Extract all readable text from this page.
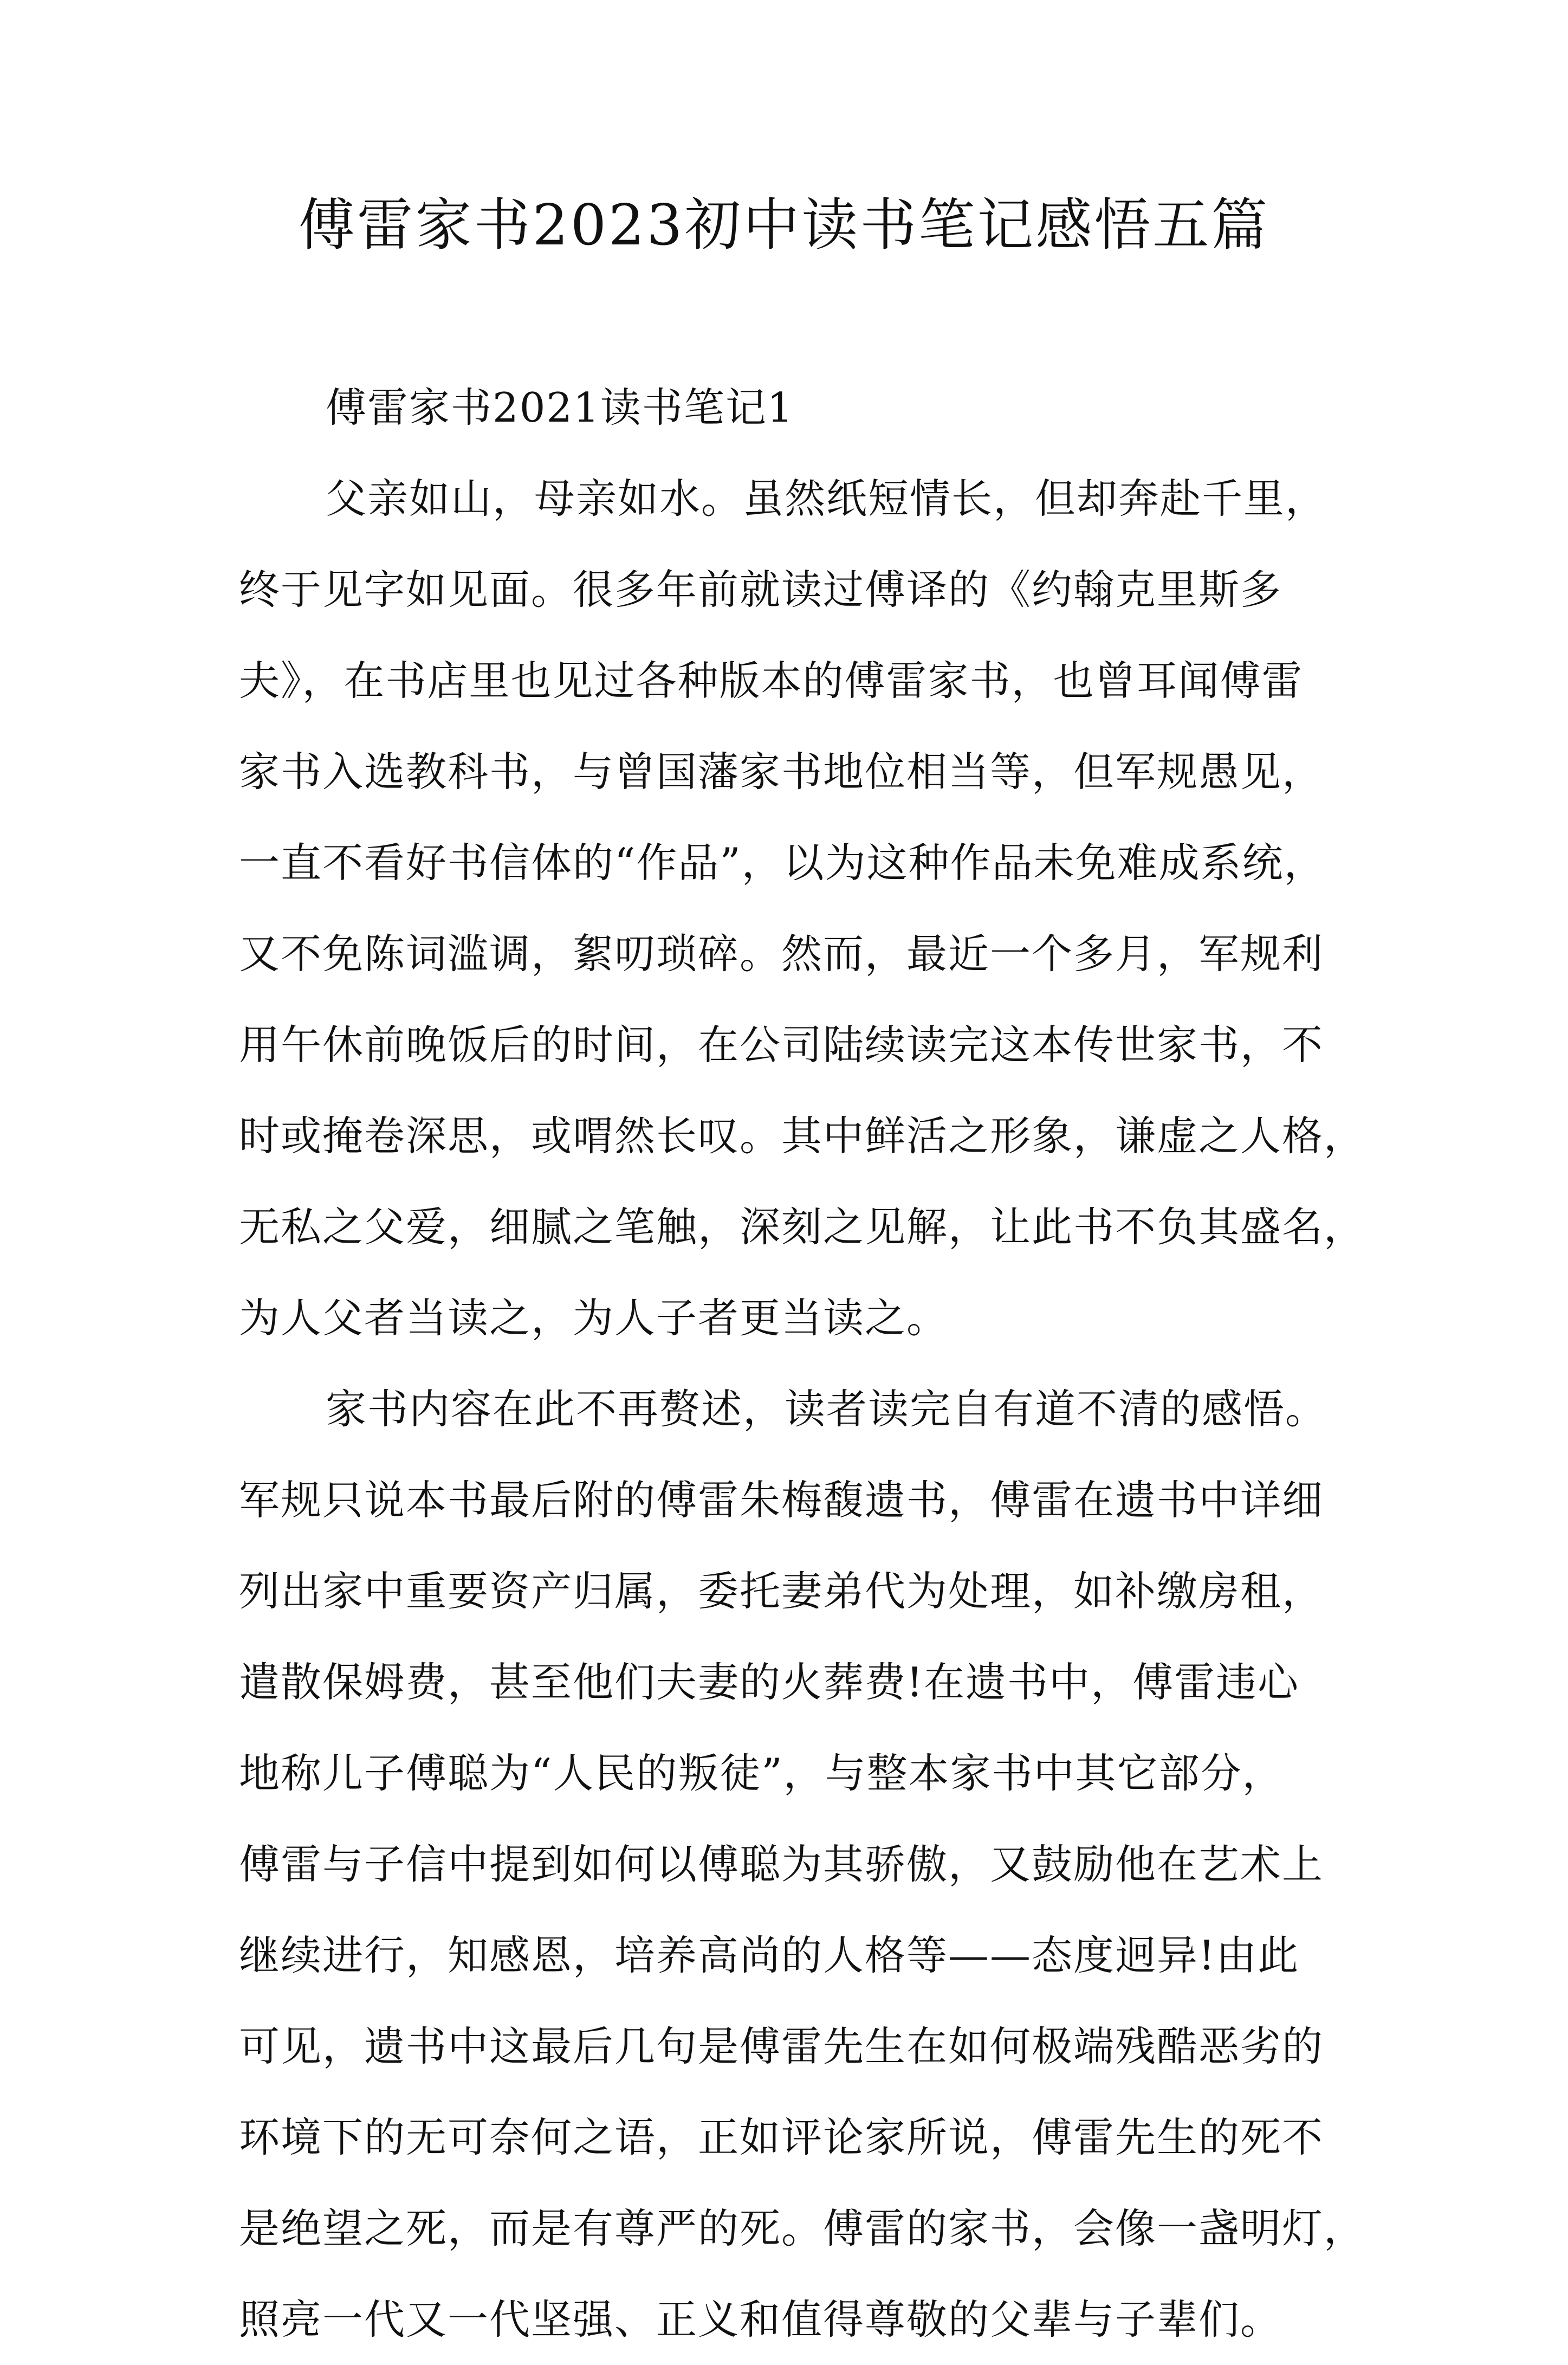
傅雷家书2023初中读书笔记感悟五篇

傅雷家书2021读书笔记1

父亲如山，母亲如水。虽然纸短情长，但却奔赴千里，
终于见字如见面。很多年前就读过傅译的《约翰克里斯多
夫》，在书店里也见过各种版本的傅雷家书，也曾耳闻傅雷
家书入选教科书，与曾国藩家书地位相当等，但军规愚见，
一直不看好书信体的“作品”，以为这种作品未免难成系统，
又不免陈词滥调，絮叨琐碎。然而，最近一个多月，军规利
用午休前晚饭后的时间，在公司陆续读完这本传世家书，不
时或掩卷深思，或喟然长叹。其中鲜活之形象，谦虚之人格，
无私之父爱，细腻之笔触，深刻之见解，让此书不负其盛名，
为人父者当读之，为人子者更当读之。

家书内容在此不再赘述，读者读完自有道不清的感悟。
军规只说本书最后附的傅雷朱梅馥遗书，傅雷在遗书中详细
列出家中重要资产归属，委托妻弟代为处理，如补缴房租，
遣散保姆费，甚至他们夫妻的火葬费!在遗书中，傅雷违心
地称儿子傅聪为“人民的叛徒”，与整本家书中其它部分，
傅雷与子信中提到如何以傅聪为其骄傲，又鼓励他在艺术上
继续进行，知感恩，培养高尚的人格等——态度迥异!由此
可见，遗书中这最后几句是傅雷先生在如何极端残酷恶劣的
环境下的无可奈何之语，正如评论家所说，傅雷先生的死不
是绝望之死，而是有尊严的死。傅雷的家书，会像一盏明灯，
照亮一代又一代坚强、正义和值得尊敬的父辈与子辈们。
